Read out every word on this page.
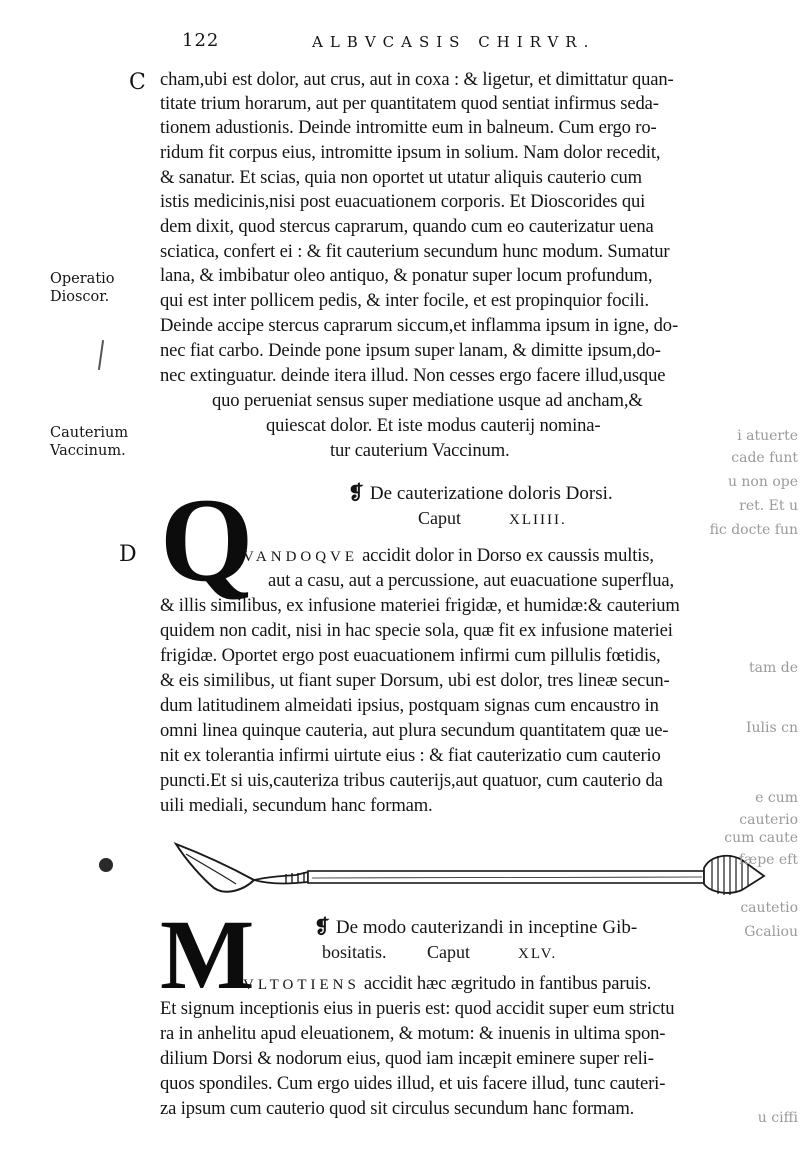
122	ALBVCASIS CHIRVR.
C
D
Operatio
Dioscor.
Cauterium
Vaccinum.
cham,ubi est dolor, aut crus, aut in coxa : & ligetur, et dimittatur quan-
titate trium horarum, aut per quantitatem quod sentiat infirmus seda-
tionem adustionis. Deinde intromitte eum in balneum. Cum ergo ro-
ridum fit corpus eius, intromitte ipsum in solium. Nam dolor recedit,
& sanatur. Et scias, quia non oportet ut utatur aliquis cauterio cum
istis medicinis,nisi post euacuationem corporis. Et Dioscorides qui
dem dixit, quod stercus caprarum, quando cum eo cauterizatur uena
sciatica, confert ei : & fit cauterium secundum hunc modum. Sumatur
lana, & imbibatur oleo antiquo, & ponatur super locum profundum,
qui est inter pollicem pedis, & inter focile, et est propinquior focili.
Deinde accipe stercus caprarum siccum,et inflamma ipsum in igne, do-
nec fiat carbo. Deinde pone ipsum super lanam, & dimitte ipsum,do-
nec extinguatur. deinde itera illud. Non cesses ergo facere illud,usque
quo perueniat sensus super mediatione usque ad ancham,&
quiescat dolor. Et iste modus cauterij nomina-
tur cauterium Vaccinum.
❡ De cauterizatione doloris Dorsi.
Caput	XLIIII.
Q
VANDOQVE accidit dolor in Dorso ex caussis multis,
aut a casu, aut a percussione, aut euacuatione superflua,
& illis similibus, ex infusione materiei frigidæ, et humidæ:& cauterium
quidem non cadit, nisi in hac specie sola, quæ fit ex infusione materiei
frigidæ. Oportet ergo post euacuationem infirmi cum pillulis fœtidis,
& eis similibus, ut fiant super Dorsum, ubi est dolor, tres lineæ secun-
dum latitudinem almeidati ipsius, postquam signas cum encaustro in
omni linea quinque cauteria, aut plura secundum quantitatem quæ ue-
nit ex tolerantia infirmi uirtute eius : & fiat cauterizatio cum cauterio
puncti.Et si uis,cauteriza tribus cauterijs,aut quatuor, cum cauterio da
uili mediali, secundum hanc formam.
❡ De modo cauterizandi in inceptine Gib-
bositatis. Caput	XLV.
M
VLTOTIENS accidit hæc ægritudo in fantibus paruis.
Et signum inceptionis eius in pueris est: quod accidit super eum strictu
ra in anhelitu apud eleuationem, & motum: & inuenis in ultima spon-
dilium Dorsi & nodorum eius, quod iam incæpit eminere super reli-
quos spondiles. Cum ergo uides illud, et uis facere illud, tunc cauteri-
za ipsum cum cauterio quod sit circulus secundum hanc formam.
i atuerte
cade funt
u non ope
ret. Et u
fic docte fun
tam de
Iulis cn
e cum
cauterio
cum caute
fæpe eft
cautetio
Gcaliou
u ciffi
